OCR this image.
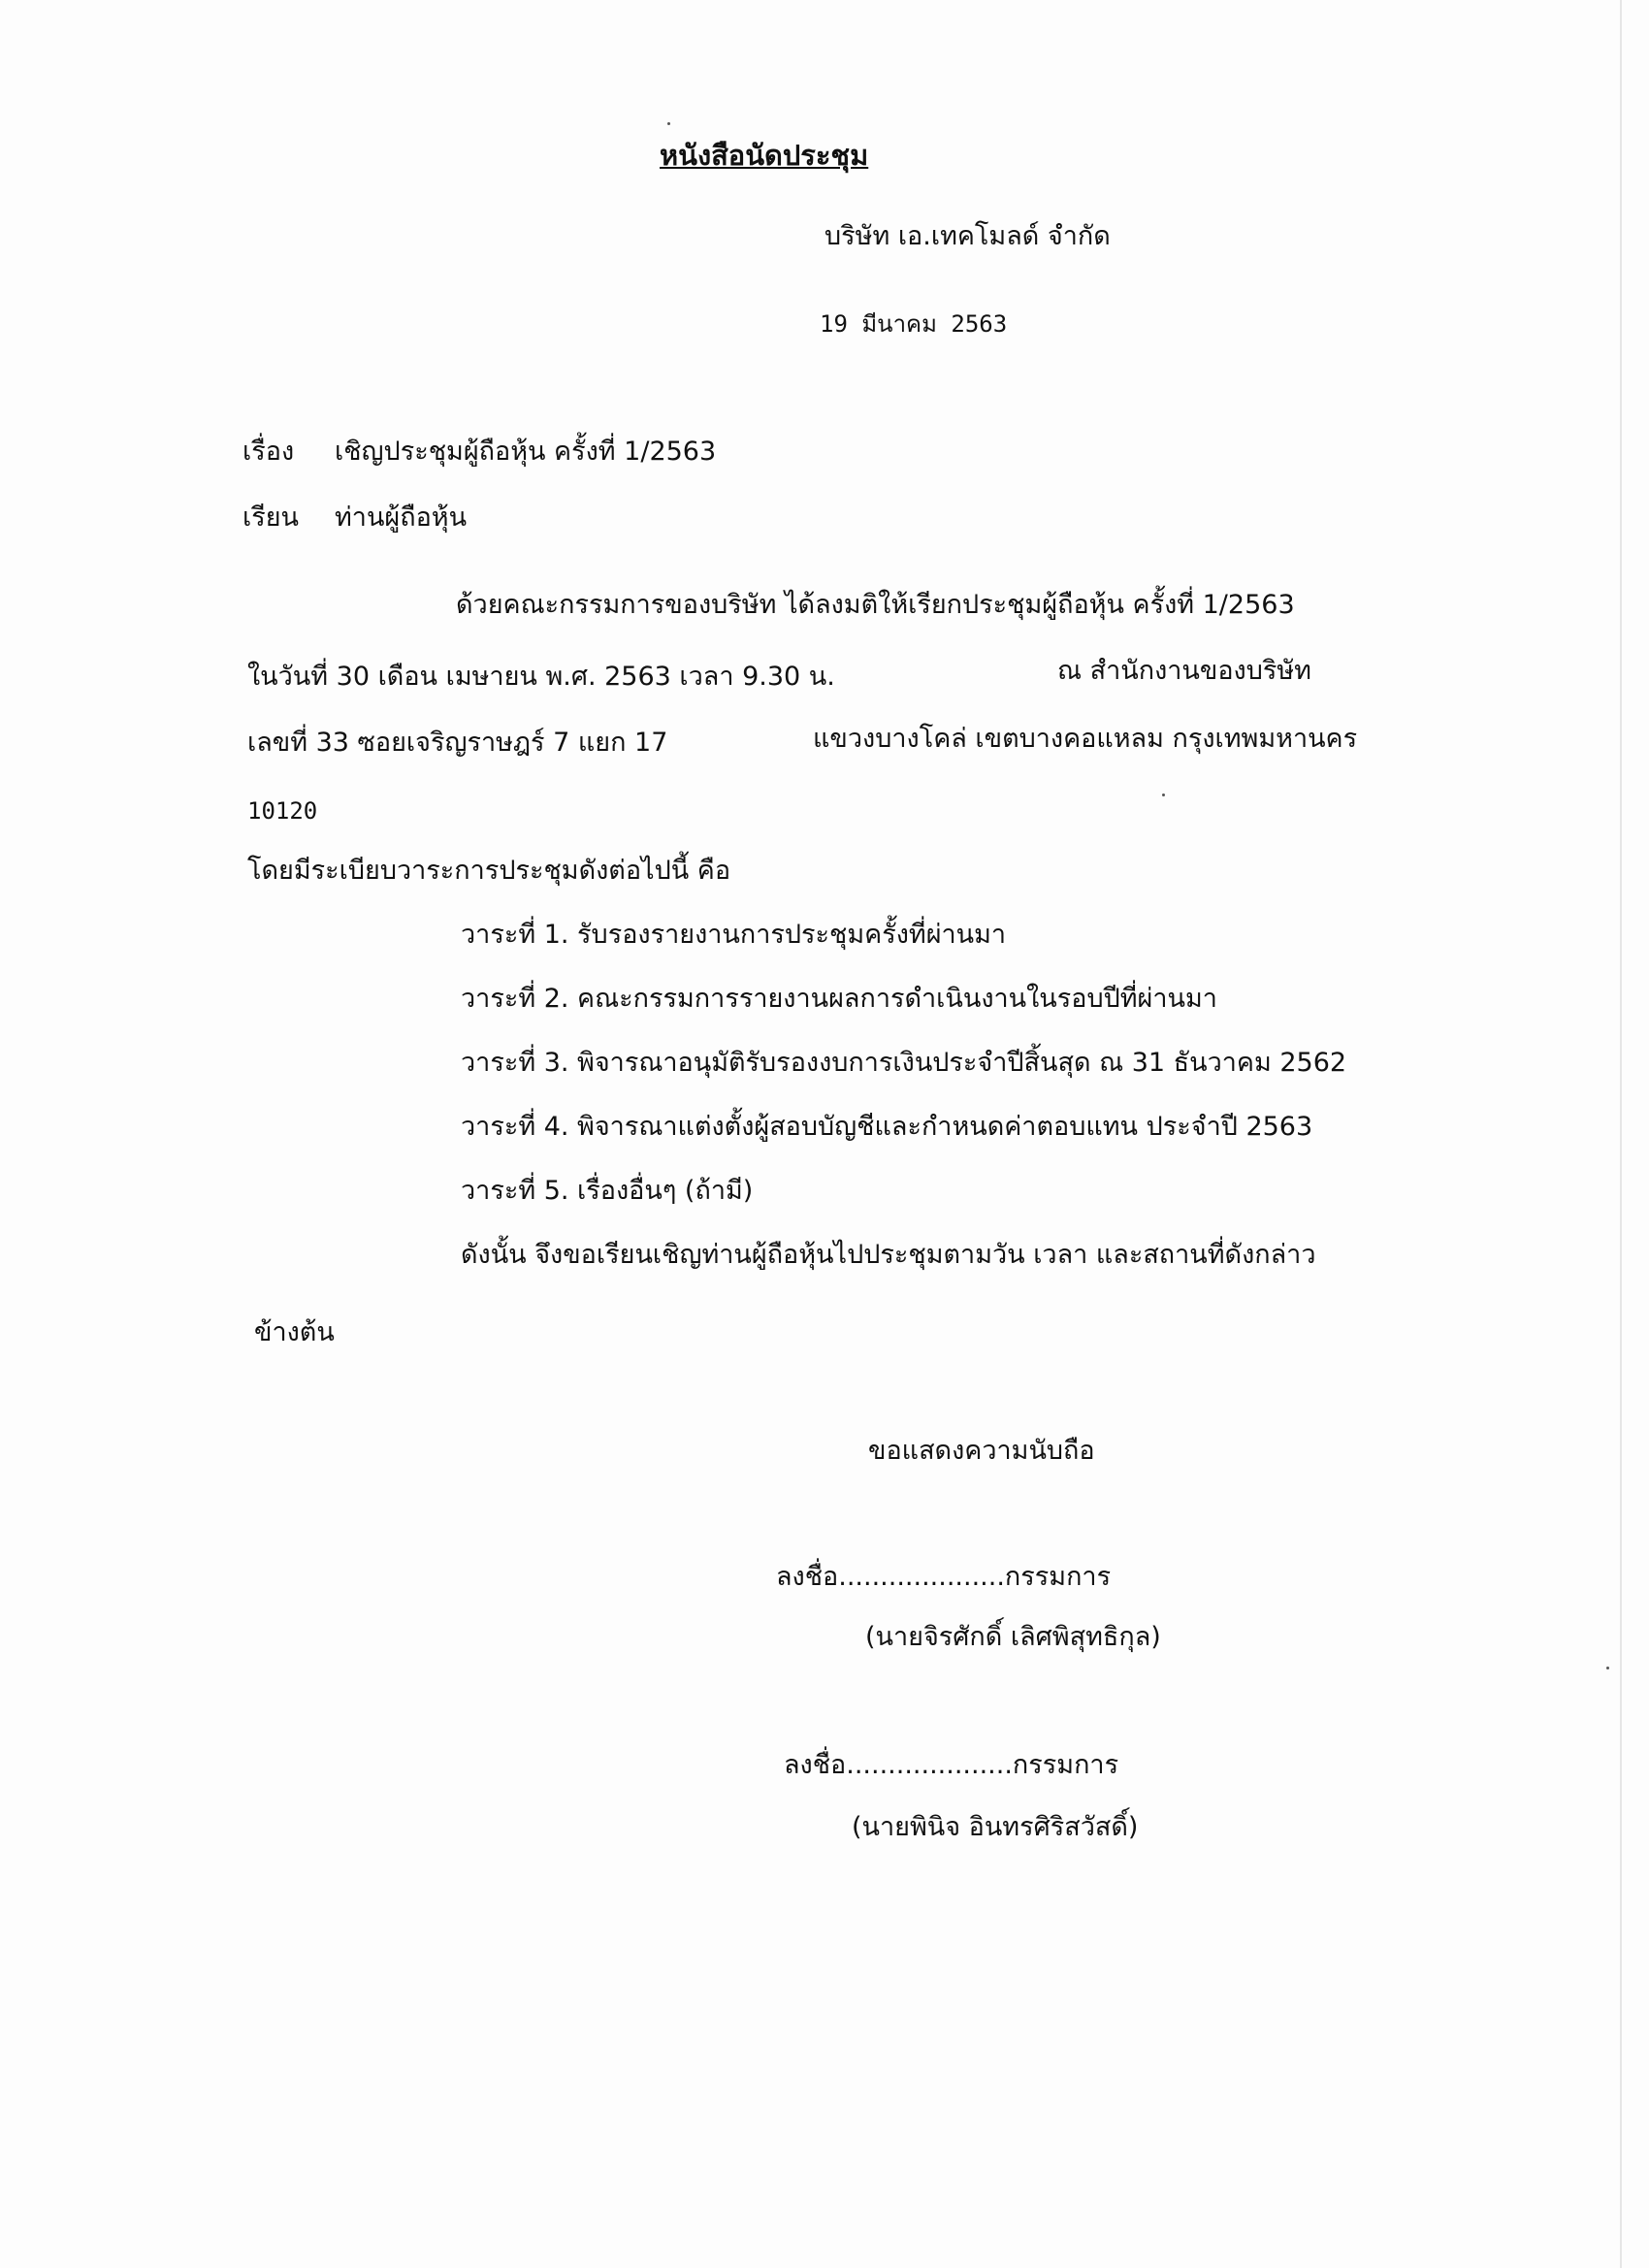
หนังสือนัดประชุม
บริษัท เอ.เทคโมลด์ จำกัด
19 มีนาคม 2563
เรื่อง เชิญประชุมผู้ถือหุ้น ครั้งที่ 1/2563
เรียน ท่านผู้ถือหุ้น
ด้วยคณะกรรมการของบริษัท ได้ลงมติให้เรียกประชุมผู้ถือหุ้น ครั้งที่ 1/2563
ในวันที่ 30 เดือน เมษายน พ.ศ. 2563 เวลา 9.30 น.	ณ สำนักงานของบริษัท
เลขที่ 33 ซอยเจริญราษฎร์ 7 แยก 17	แขวงบางโคล่ เขตบางคอแหลม กรุงเทพมหานคร
10120
โดยมีระเบียบวาระการประชุมดังต่อไปนี้ คือ
วาระที่ 1. รับรองรายงานการประชุมครั้งที่ผ่านมา
วาระที่ 2. คณะกรรมการรายงานผลการดำเนินงานในรอบปีที่ผ่านมา
วาระที่ 3. พิจารณาอนุมัติรับรองงบการเงินประจำปีสิ้นสุด ณ 31 ธันวาคม 2562
วาระที่ 4. พิจารณาแต่งตั้งผู้สอบบัญชีและกำหนดค่าตอบแทน ประจำปี 2563
วาระที่ 5. เรื่องอื่นๆ (ถ้ามี)
ดังนั้น จึงขอเรียนเชิญท่านผู้ถือหุ้นไปประชุมตามวัน เวลา และสถานที่ดังกล่าว
ข้างต้น
ขอแสดงความนับถือ
ลงชื่อ....................กรรมการ
(นายจิรศักดิ์ เลิศพิสุทธิกุล)
ลงชื่อ....................กรรมการ
(นายพินิจ อินทรศิริสวัสดิ์)
